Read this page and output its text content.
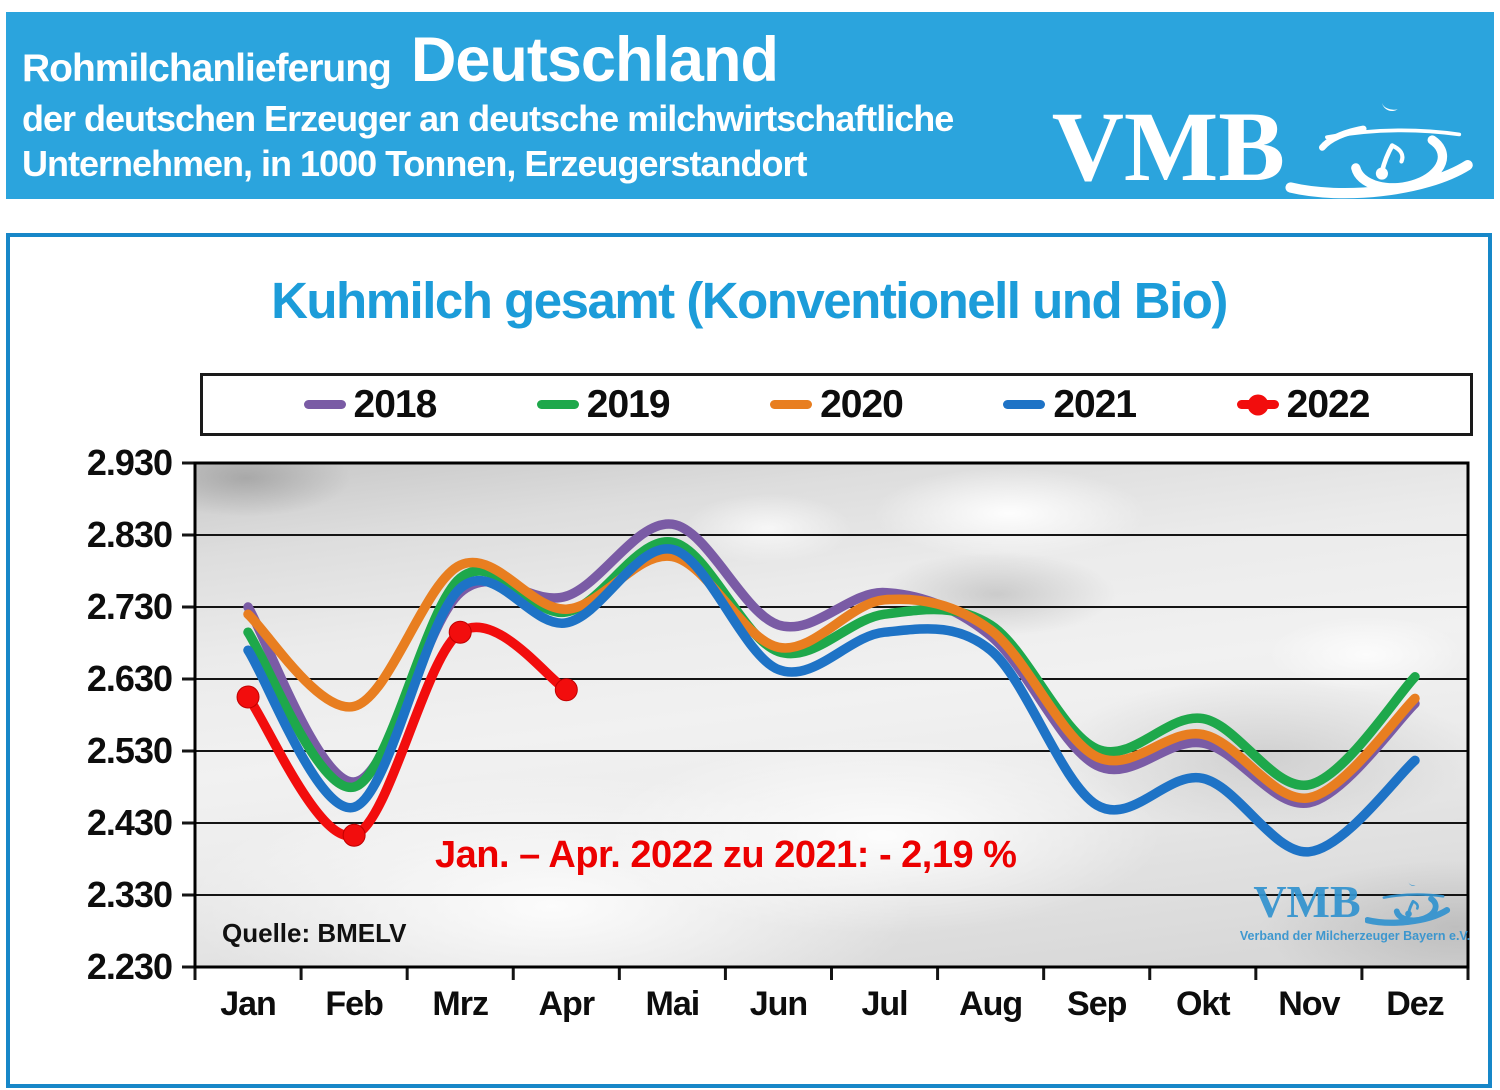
Rohmilchanlieferung Deutschland
der deutschen Erzeuger an deutsche milchwirtschaftliche
Unternehmen, in 1000 Tonnen, Erzeugerstandort	VMB
Kuhmilch gesamt (Konventionell und Bio)
2018	2019	2020	2021	2022
2.930
2.830
2.730
2.630
2.530
2.430
2.330
2.230
Jan	Feb	Mrz	Apr	Mai	Jun	Jul	Aug	Sep	Okt	Nov	Dez
Jan. – Apr. 2022 zu 2021: - 2,19 %
Quelle: BMELV
VMB
Verband der Milcherzeuger Bayern e.V.
